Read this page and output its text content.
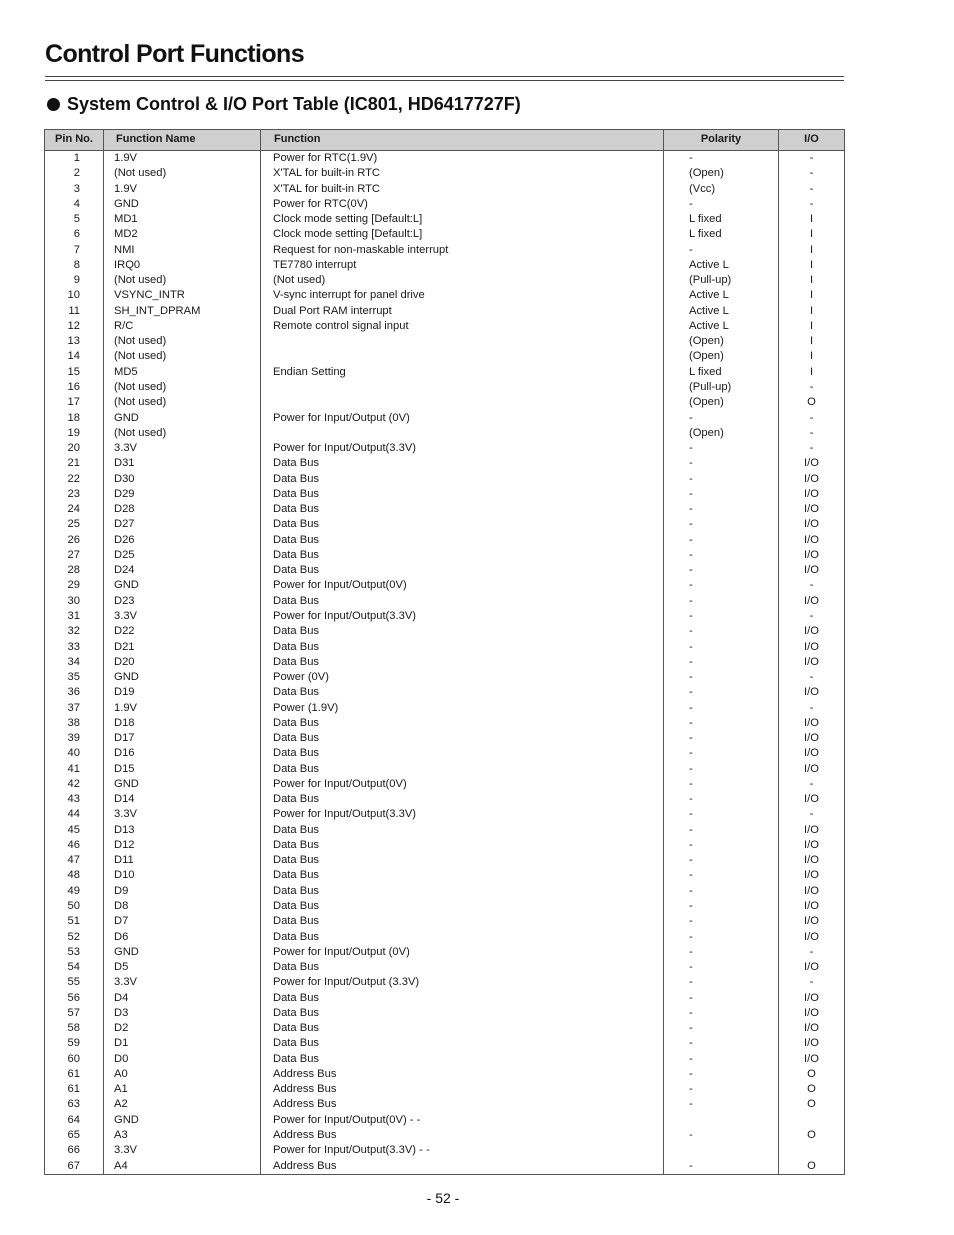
Control Port Functions
System Control & I/O Port Table (IC801, HD6417727F)
Pin No.	Function Name	Function	Polarity	I/O
1	1.9V	Power for RTC(1.9V)	-	-
2	(Not used)	X'TAL for built-in RTC	(Open)	-
3	1.9V	X'TAL for built-in RTC	(Vcc)	-
4	GND	Power for RTC(0V)	-	-
5	MD1	Clock mode setting [Default:L]	L fixed	I
6	MD2	Clock mode setting [Default:L]	L fixed	I
7	NMI	Request for non-maskable interrupt	-	I
8	IRQ0	TE7780 interrupt	Active L	I
9	(Not used)	(Not used)	(Pull-up)	I
10	VSYNC_INTR	V-sync interrupt for panel drive	Active L	I
11	SH_INT_DPRAM	Dual Port RAM interrupt	Active L	I
12	R/C	Remote control signal input	Active L	I
13	(Not used)		(Open)	I
14	(Not used)		(Open)	I
15	MD5	Endian Setting	L fixed	I
16	(Not used)		(Pull-up)	-
17	(Not used)		(Open)	O
18	GND	Power for Input/Output (0V)	-	-
19	(Not used)		(Open)	-
20	3.3V	Power for Input/Output(3.3V)	-	-
21	D31	Data Bus	-	I/O
22	D30	Data Bus	-	I/O
23	D29	Data Bus	-	I/O
24	D28	Data Bus	-	I/O
25	D27	Data Bus	-	I/O
26	D26	Data Bus	-	I/O
27	D25	Data Bus	-	I/O
28	D24	Data Bus	-	I/O
29	GND	Power for Input/Output(0V)	-	-
30	D23	Data Bus	-	I/O
31	3.3V	Power for Input/Output(3.3V)	-	-
32	D22	Data Bus	-	I/O
33	D21	Data Bus	-	I/O
34	D20	Data Bus	-	I/O
35	GND	Power (0V)	-	-
36	D19	Data Bus	-	I/O
37	1.9V	Power (1.9V)	-	-
38	D18	Data Bus	-	I/O
39	D17	Data Bus	-	I/O
40	D16	Data Bus	-	I/O
41	D15	Data Bus	-	I/O
42	GND	Power for Input/Output(0V)	-	-
43	D14	Data Bus	-	I/O
44	3.3V	Power for Input/Output(3.3V)	-	-
45	D13	Data Bus	-	I/O
46	D12	Data Bus	-	I/O
47	D11	Data Bus	-	I/O
48	D10	Data Bus	-	I/O
49	D9	Data Bus	-	I/O
50	D8	Data Bus	-	I/O
51	D7	Data Bus	-	I/O
52	D6	Data Bus	-	I/O
53	GND	Power for Input/Output (0V)	-	-
54	D5	Data Bus	-	I/O
55	3.3V	Power for Input/Output (3.3V)	-	-
56	D4	Data Bus	-	I/O
57	D3	Data Bus	-	I/O
58	D2	Data Bus	-	I/O
59	D1	Data Bus	-	I/O
60	D0	Data Bus	-	I/O
61	A0	Address Bus	-	O
61	A1	Address Bus	-	O
63	A2	Address Bus	-	O
64	GND	Power for Input/Output(0V) - -		
65	A3	Address Bus	-	O
66	3.3V	Power for Input/Output(3.3V) - -		
67	A4	Address Bus	-	O
- 52 -
